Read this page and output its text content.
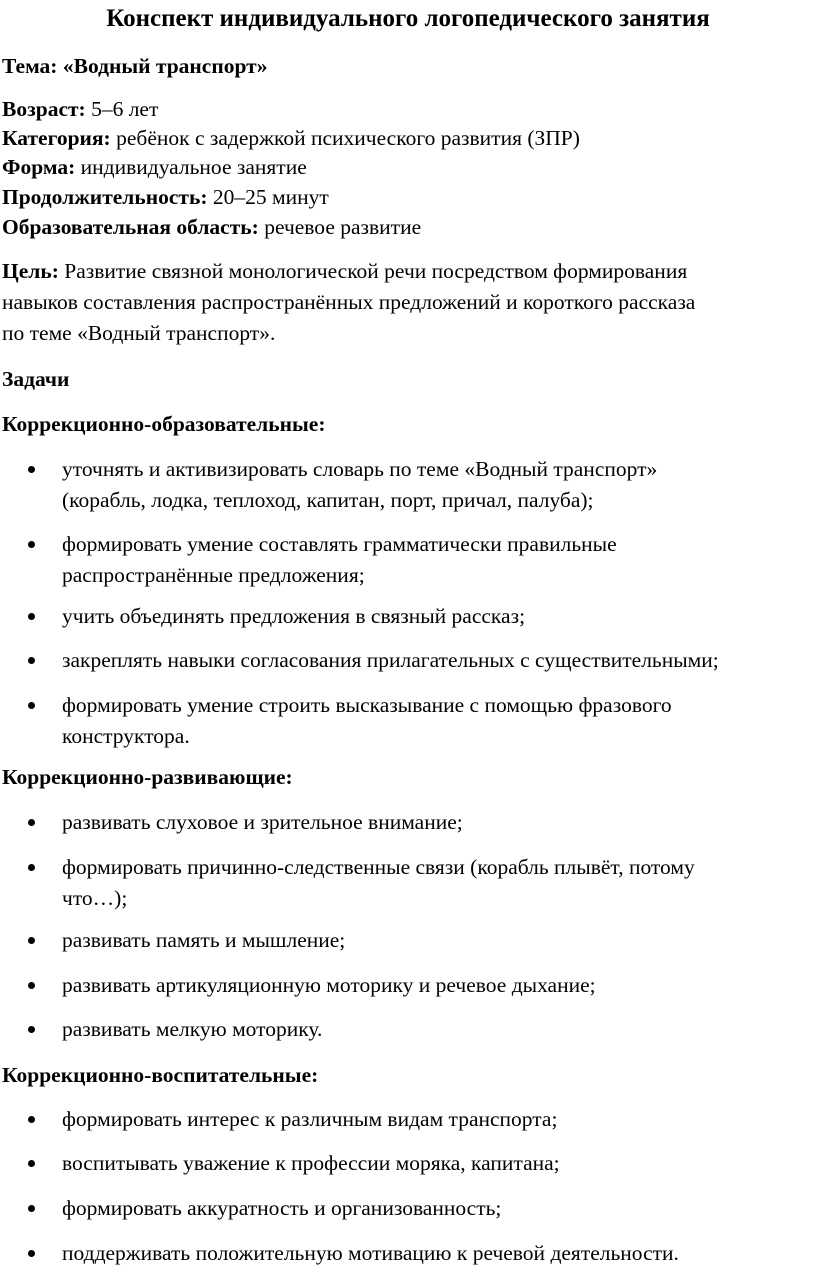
Конспект индивидуального логопедического занятия
Тема: «Водный транспорт»
Возраст: 5–6 лет
Категория: ребёнок с задержкой психического развития (ЗПР)
Форма: индивидуальное занятие
Продолжительность: 20–25 минут
Образовательная область: речевое развитие
Цель: Развитие связной монологической речи посредством формирования
навыков составления распространённых предложений и короткого рассказа
по теме «Водный транспорт».
Задачи
Коррекционно-образовательные:
Коррекционно-развивающие:
Коррекционно-воспитательные:
уточнять и активизировать словарь по теме «Водный транспорт»
(корабль, лодка, теплоход, капитан, порт, причал, палуба);
формировать умение составлять грамматически правильные
распространённые предложения;
учить объединять предложения в связный рассказ;
закреплять навыки согласования прилагательных с существительными;
формировать умение строить высказывание с помощью фразового
конструктора.
развивать слуховое и зрительное внимание;
формировать причинно-следственные связи (корабль плывёт, потому
что…);
развивать память и мышление;
развивать артикуляционную моторику и речевое дыхание;
развивать мелкую моторику.
формировать интерес к различным видам транспорта;
воспитывать уважение к профессии моряка, капитана;
формировать аккуратность и организованность;
поддерживать положительную мотивацию к речевой деятельности.
